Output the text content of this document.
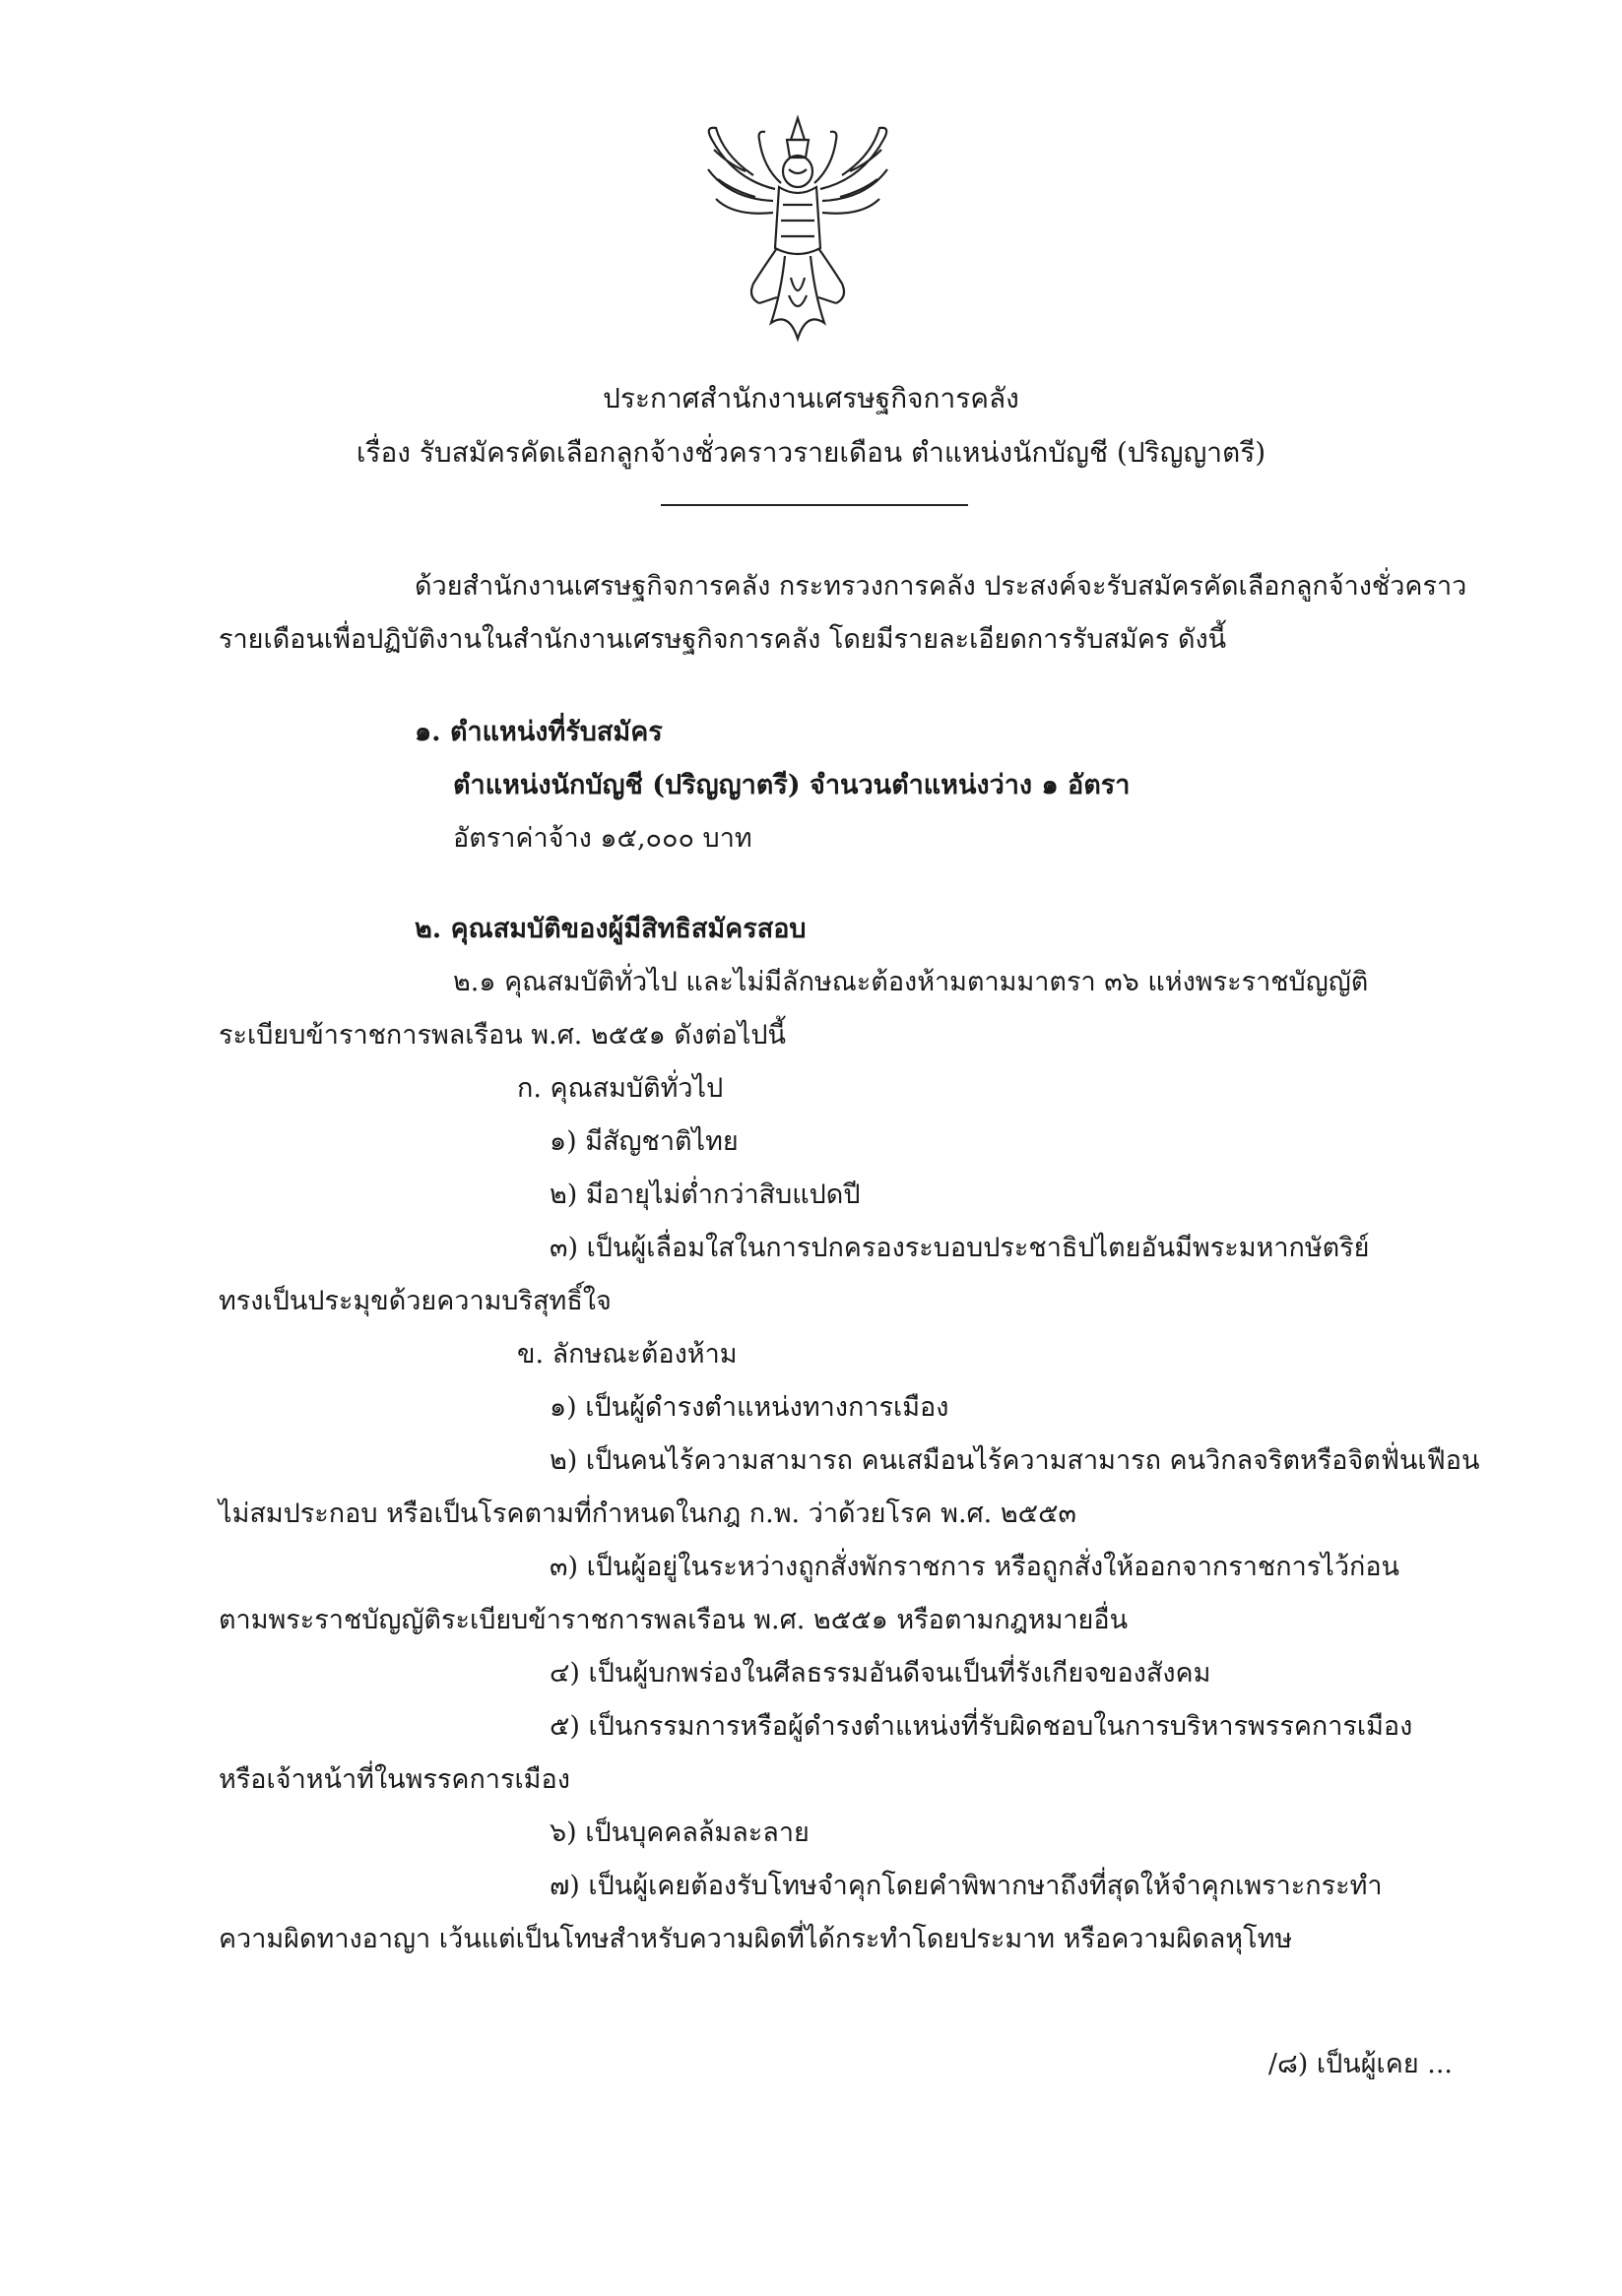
ประกาศสำนักงานเศรษฐกิจการคลัง
เรื่อง รับสมัครคัดเลือกลูกจ้างชั่วคราวรายเดือน ตำแหน่งนักบัญชี (ปริญญาตรี)
ด้วยสำนักงานเศรษฐกิจการคลัง กระทรวงการคลัง ประสงค์จะรับสมัครคัดเลือกลูกจ้างชั่วคราว
รายเดือนเพื่อปฏิบัติงานในสำนักงานเศรษฐกิจการคลัง โดยมีรายละเอียดการรับสมัคร ดังนี้
๑. ตำแหน่งที่รับสมัคร
ตำแหน่งนักบัญชี (ปริญญาตรี) จำนวนตำแหน่งว่าง ๑ อัตรา
อัตราค่าจ้าง ๑๕,๐๐๐ บาท
๒. คุณสมบัติของผู้มีสิทธิสมัครสอบ
๒.๑ คุณสมบัติทั่วไป และไม่มีลักษณะต้องห้ามตามมาตรา ๓๖ แห่งพระราชบัญญัติ
ระเบียบข้าราชการพลเรือน พ.ศ. ๒๕๕๑ ดังต่อไปนี้
ก. คุณสมบัติทั่วไป
๑) มีสัญชาติไทย
๒) มีอายุไม่ต่ำกว่าสิบแปดปี
๓) เป็นผู้เลื่อมใสในการปกครองระบอบประชาธิปไตยอันมีพระมหากษัตริย์
ทรงเป็นประมุขด้วยความบริสุทธิ์ใจ
ข. ลักษณะต้องห้าม
๑) เป็นผู้ดำรงตำแหน่งทางการเมือง
๒) เป็นคนไร้ความสามารถ คนเสมือนไร้ความสามารถ คนวิกลจริตหรือจิตฟั่นเฟือน
ไม่สมประกอบ หรือเป็นโรคตามที่กำหนดในกฎ ก.พ. ว่าด้วยโรค พ.ศ. ๒๕๕๓
๓) เป็นผู้อยู่ในระหว่างถูกสั่งพักราชการ หรือถูกสั่งให้ออกจากราชการไว้ก่อน
ตามพระราชบัญญัติระเบียบข้าราชการพลเรือน พ.ศ. ๒๕๕๑ หรือตามกฎหมายอื่น
๔) เป็นผู้บกพร่องในศีลธรรมอันดีจนเป็นที่รังเกียจของสังคม
๕) เป็นกรรมการหรือผู้ดำรงตำแหน่งที่รับผิดชอบในการบริหารพรรคการเมือง
หรือเจ้าหน้าที่ในพรรคการเมือง
๖) เป็นบุคคลล้มละลาย
๗) เป็นผู้เคยต้องรับโทษจำคุกโดยคำพิพากษาถึงที่สุดให้จำคุกเพราะกระทำ
ความผิดทางอาญา เว้นแต่เป็นโทษสำหรับความผิดที่ได้กระทำโดยประมาท หรือความผิดลหุโทษ
/๘) เป็นผู้เคย ...
